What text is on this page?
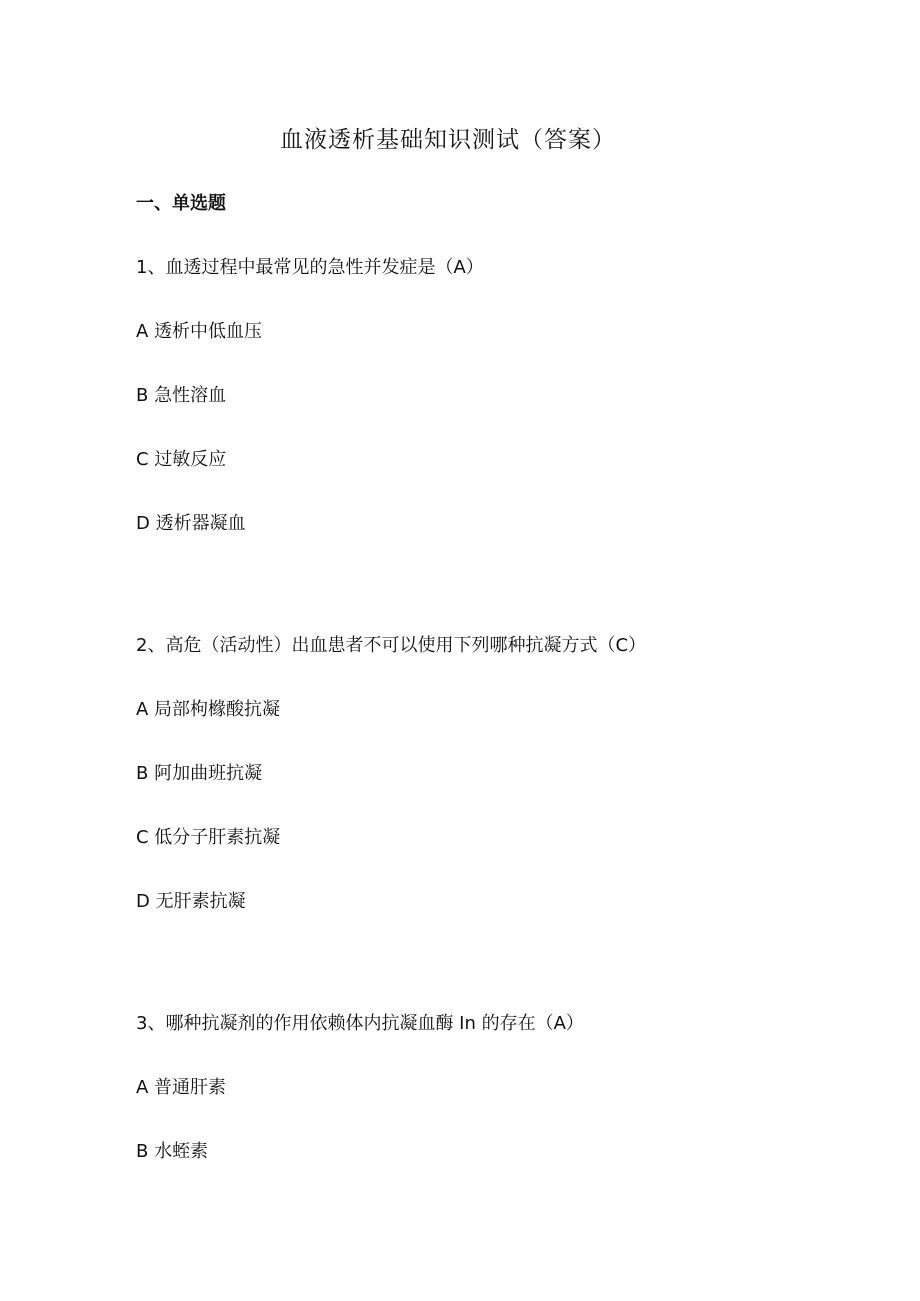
血液透析基础知识测试（答案）
一、单选题
1、血透过程中最常见的急性并发症是（A）
A 透析中低血压
B 急性溶血
C 过敏反应
D 透析器凝血
2、高危（活动性）出血患者不可以使用下列哪种抗凝方式（C）
A 局部枸橼酸抗凝
B 阿加曲班抗凝
C 低分子肝素抗凝
D 无肝素抗凝
3、哪种抗凝剂的作用依赖体内抗凝血酶 In 的存在（A）
A 普通肝素
B 水蛭素
